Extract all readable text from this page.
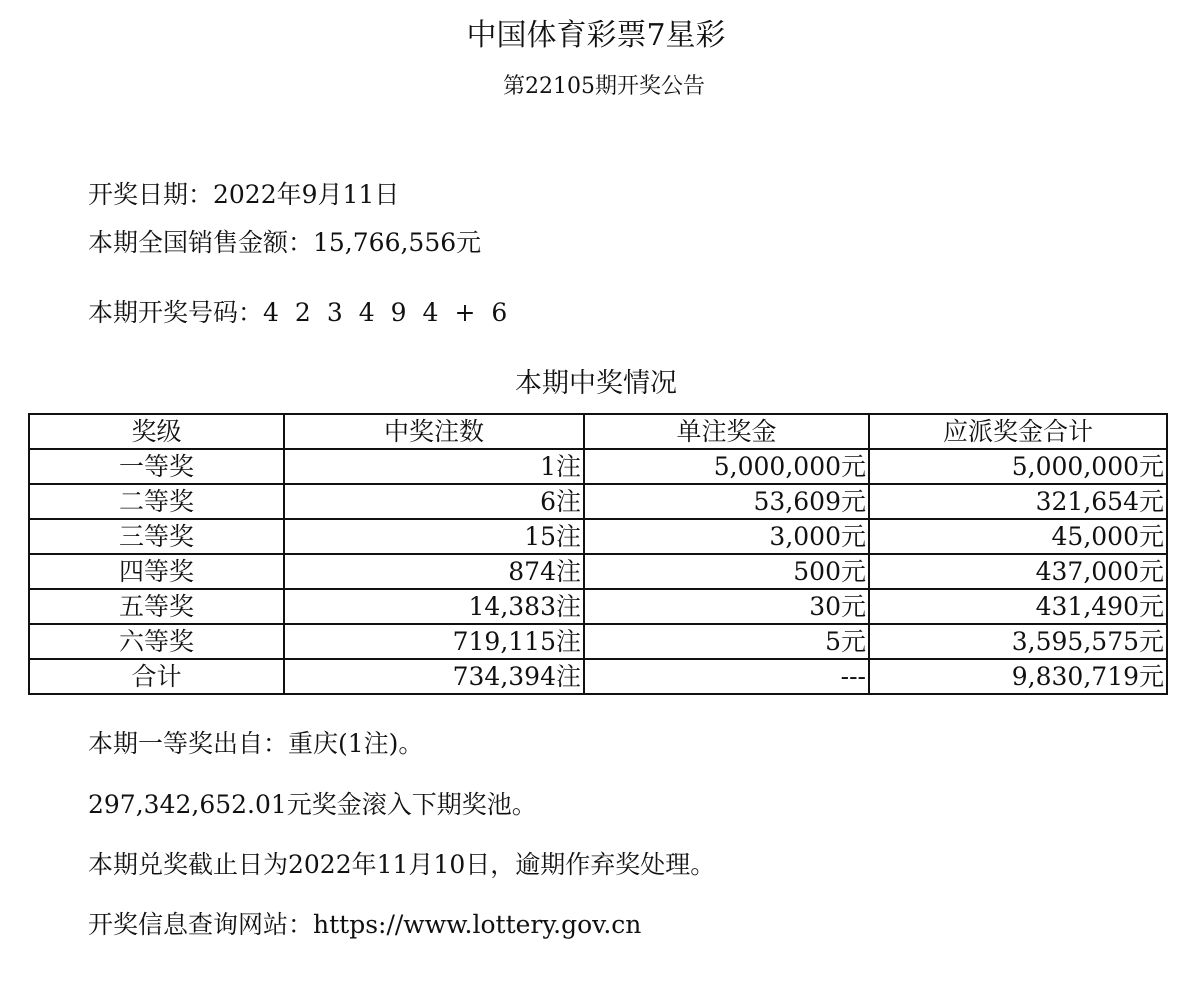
中国体育彩票7星彩
第22105期开奖公告
开奖日期：2022年9月11日
本期全国销售金额：15,766,556元
本期开奖号码：4 2 3 4 9 4 + 6
本期中奖情况
奖级	中奖注数	单注奖金	应派奖金合计
一等奖	1注	5,000,000元	5,000,000元
二等奖	6注	53,609元	321,654元
三等奖	15注	3,000元	45,000元
四等奖	874注	500元	437,000元
五等奖	14,383注	30元	431,490元
六等奖	719,115注	5元	3,595,575元
合计	734,394注	---	9,830,719元
本期一等奖出自：重庆(1注)。
297,342,652.01元奖金滚入下期奖池。
本期兑奖截止日为2022年11月10日，逾期作弃奖处理。
开奖信息查询网站：https://www.lottery.gov.cn
